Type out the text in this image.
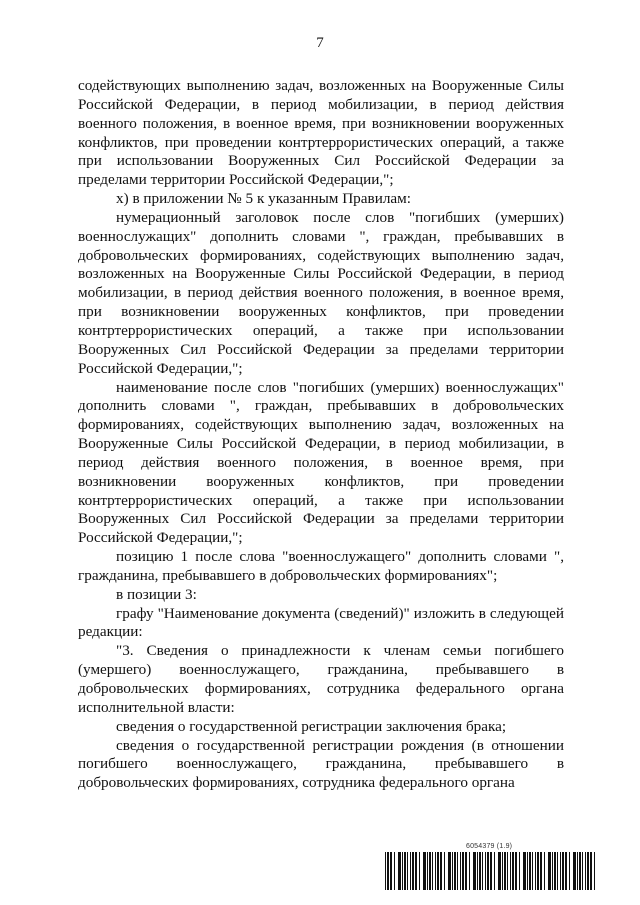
7

содействующих выполнению задач, возложенных на Вооруженные Силы Российской Федерации, в период мобилизации, в период действия военного положения, в военное время, при возникновении вооруженных конфликтов, при проведении контртеррористических операций, а также при использовании Вооруженных Сил Российской Федерации за пределами территории Российской Федерации,";

х) в приложении № 5 к указанным Правилам:

нумерационный заголовок после слов "погибших (умерших) военнослужащих" дополнить словами ", граждан, пребывавших в добровольческих формированиях, содействующих выполнению задач, возложенных на Вооруженные Силы Российской Федерации, в период мобилизации, в период действия военного положения, в военное время, при возникновении вооруженных конфликтов, при проведении контртеррористических операций, а также при использовании Вооруженных Сил Российской Федерации за пределами территории Российской Федерации,";

наименование после слов "погибших (умерших) военнослужащих" дополнить словами ", граждан, пребывавших в добровольческих формированиях, содействующих выполнению задач, возложенных на Вооруженные Силы Российской Федерации, в период мобилизации, в период действия военного положения, в военное время, при возникновении вооруженных конфликтов, при проведении контртеррористических операций, а также при использовании Вооруженных Сил Российской Федерации за пределами территории Российской Федерации,";

позицию 1 после слова "военнослужащего" дополнить словами ", гражданина, пребывавшего в добровольческих формированиях";

в позиции 3:

графу "Наименование документа (сведений)" изложить в следующей редакции:

"3. Сведения о принадлежности к членам семьи погибшего (умершего) военнослужащего, гражданина, пребывавшего в добровольческих формированиях, сотрудника федерального органа исполнительной власти:

сведения о государственной регистрации заключения брака;

сведения о государственной регистрации рождения (в отношении погибшего военнослужащего, гражданина, пребывавшего в добровольческих формированиях, сотрудника федерального органа

6054379 (1.9)
